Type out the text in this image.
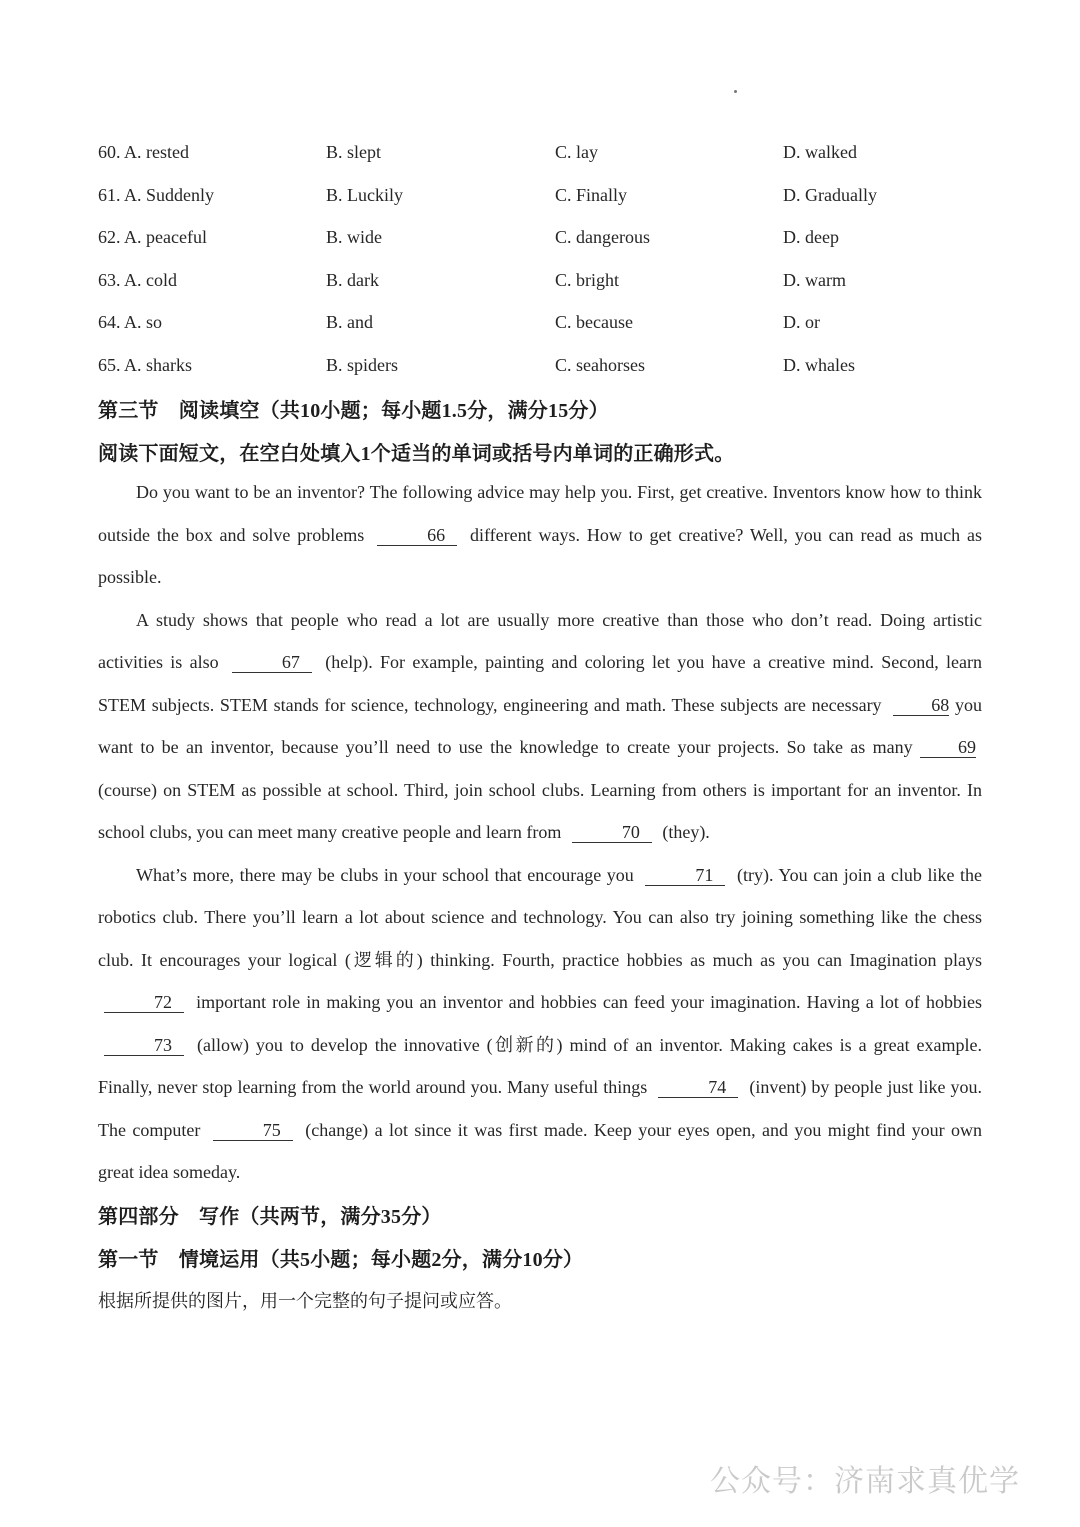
60. A. rested	B. slept	C. lay	D. walked
61. A. Suddenly	B. Luckily	C. Finally	D. Gradually
62. A. peaceful	B. wide	C. dangerous	D. deep
63. A. cold	B. dark	C. bright	D. warm
64. A. so	B. and	C. because	D. or
65. A. sharks	B. spiders	C. seahorses	D. whales
第三节　阅读填空（共10小题；每小题1.5分，满分15分）
阅读下面短文，在空白处填入1个适当的单词或括号内单词的正确形式。

Do you want to be an inventor? The following advice may help you. First, get creative. Inventors know how to think outside the box and solve problems	66 different ways. How to get creative? Well, you can read as much as possible.

A study shows that people who read a lot are usually more creative than those who don’t read. Doing artistic activities is also	67 (help). For example, painting and coloring let you have a creative mind. Second, learn STEM subjects. STEM stands for science, technology, engineering and math. These subjects are necessary	68 you want to be an inventor, because you’ll need to use the knowledge to create your projects. So take as many	69 (course) on STEM as possible at school. Third, join school clubs. Learning from others is important for an inventor. In school clubs, you can meet many creative people and learn from	70 (they).

What’s more, there may be clubs in your school that encourage you	71 (try). You can join a club like the robotics club. There you’ll learn a lot about science and technology. You can also try joining something like the chess club. It encourages your logical (逻辑的) thinking. Fourth, practice hobbies as much as you can Imagination plays 72 important role in making you an inventor and hobbies can feed your imagination. Having a lot of hobbies 73 (allow) you to develop the innovative (创新的) mind of an inventor. Making cakes is a great example. Finally, never stop learning from the world around you. Many useful things	74 (invent) by people just like you. The computer	75 (change) a lot since it was first made. Keep your eyes open, and you might find your own great idea someday.

第四部分　写作（共两节，满分35分）
第一节　情境运用（共5小题；每小题2分，满分10分）
根据所提供的图片，用一个完整的句子提问或应答。
公众号：济南求真优学
